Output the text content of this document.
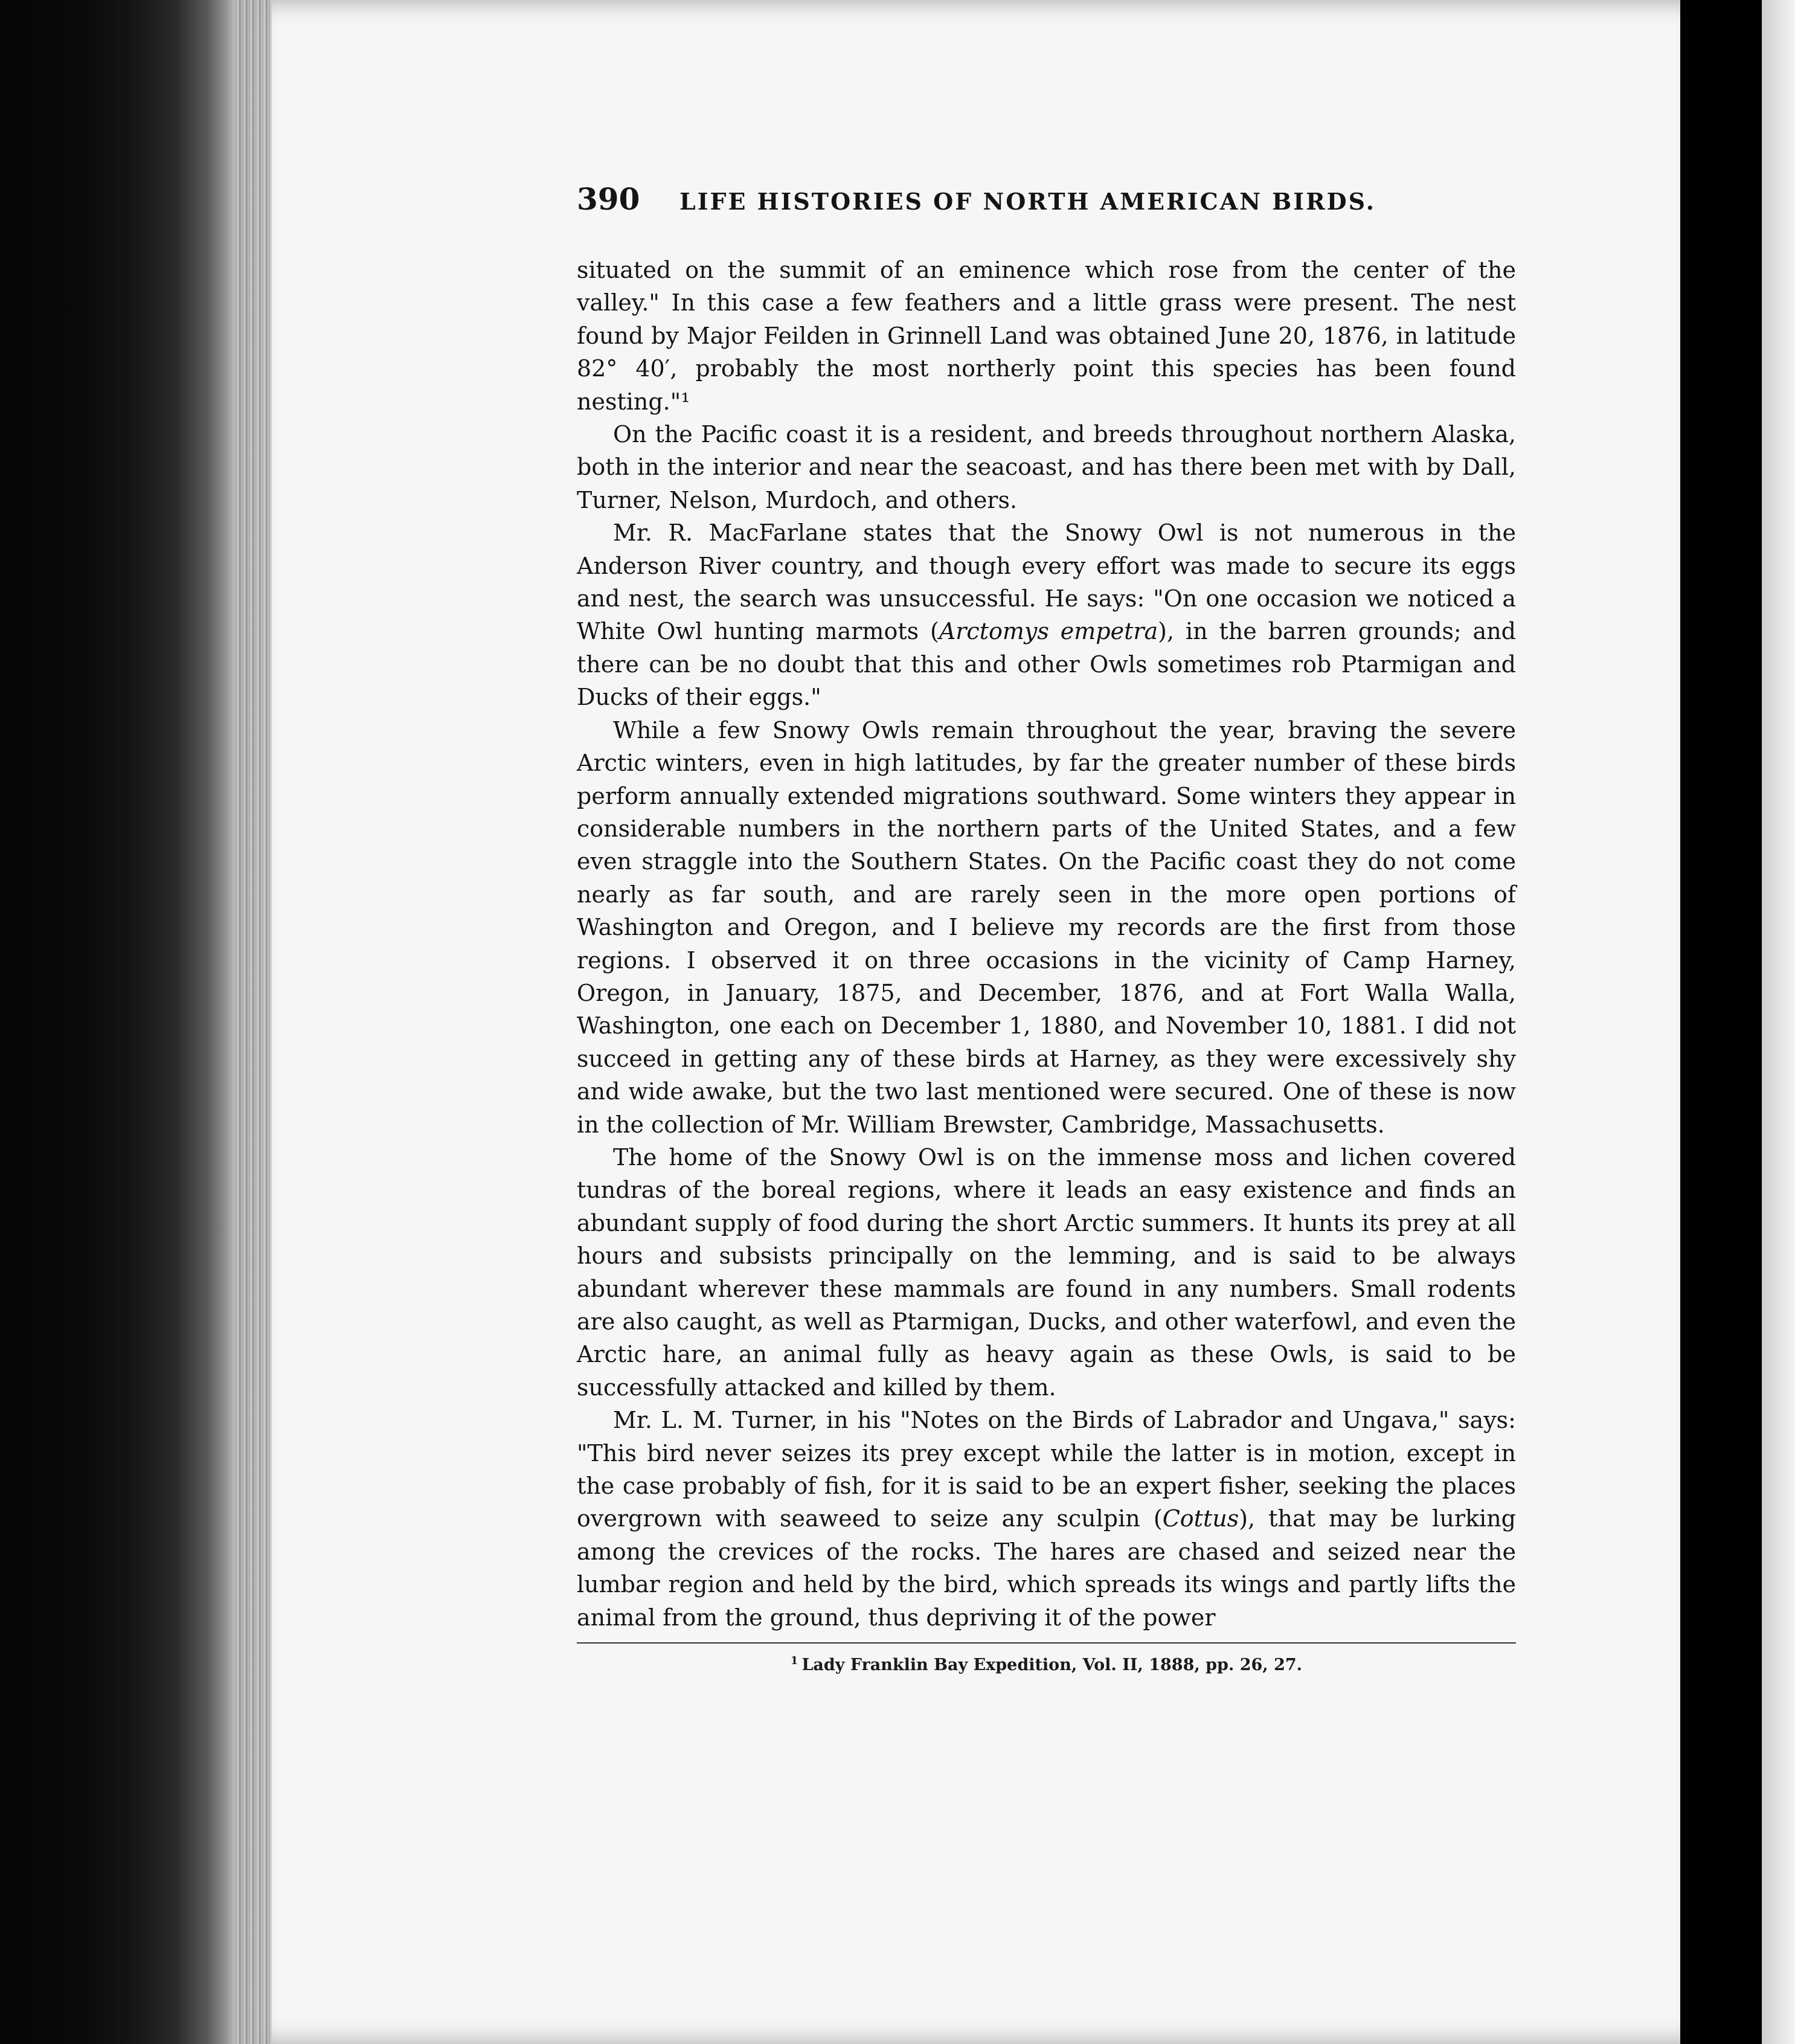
390	LIFE HISTORIES OF NORTH AMERICAN BIRDS.

situated on the summit of an eminence which rose from the center of the valley." In this case a few feathers and a little grass were present. The nest found by Major Feilden in Grinnell Land was obtained June 20, 1876, in latitude 82° 40′, probably the most northerly point this species has been found nesting."¹

On the Pacific coast it is a resident, and breeds throughout northern Alaska, both in the interior and near the seacoast, and has there been met with by Dall, Turner, Nelson, Murdoch, and others.

Mr. R. MacFarlane states that the Snowy Owl is not numerous in the Anderson River country, and though every effort was made to secure its eggs and nest, the search was unsuccessful. He says: "On one occasion we noticed a White Owl hunting marmots (Arctomys empetra), in the barren grounds; and there can be no doubt that this and other Owls sometimes rob Ptarmigan and Ducks of their eggs."

While a few Snowy Owls remain throughout the year, braving the severe Arctic winters, even in high latitudes, by far the greater number of these birds perform annually extended migrations southward. Some winters they appear in considerable numbers in the northern parts of the United States, and a few even straggle into the Southern States. On the Pacific coast they do not come nearly as far south, and are rarely seen in the more open portions of Washington and Oregon, and I believe my records are the first from those regions. I observed it on three occasions in the vicinity of Camp Harney, Oregon, in January, 1875, and December, 1876, and at Fort Walla Walla, Washington, one each on December 1, 1880, and November 10, 1881. I did not succeed in getting any of these birds at Harney, as they were excessively shy and wide awake, but the two last mentioned were secured. One of these is now in the collection of Mr. William Brewster, Cambridge, Massachusetts.

The home of the Snowy Owl is on the immense moss and lichen covered tundras of the boreal regions, where it leads an easy existence and finds an abundant supply of food during the short Arctic summers. It hunts its prey at all hours and subsists principally on the lemming, and is said to be always abundant wherever these mammals are found in any numbers. Small rodents are also caught, as well as Ptarmigan, Ducks, and other waterfowl, and even the Arctic hare, an animal fully as heavy again as these Owls, is said to be successfully attacked and killed by them.

Mr. L. M. Turner, in his "Notes on the Birds of Labrador and Ungava," says: "This bird never seizes its prey except while the latter is in motion, except in the case probably of fish, for it is said to be an expert fisher, seeking the places overgrown with seaweed to seize any sculpin (Cottus), that may be lurking among the crevices of the rocks. The hares are chased and seized near the lumbar region and held by the bird, which spreads its wings and partly lifts the animal from the ground, thus depriving it of the power

$^1$ Lady Franklin Bay Expedition, Vol. II, 1888, pp. 26, 27.
